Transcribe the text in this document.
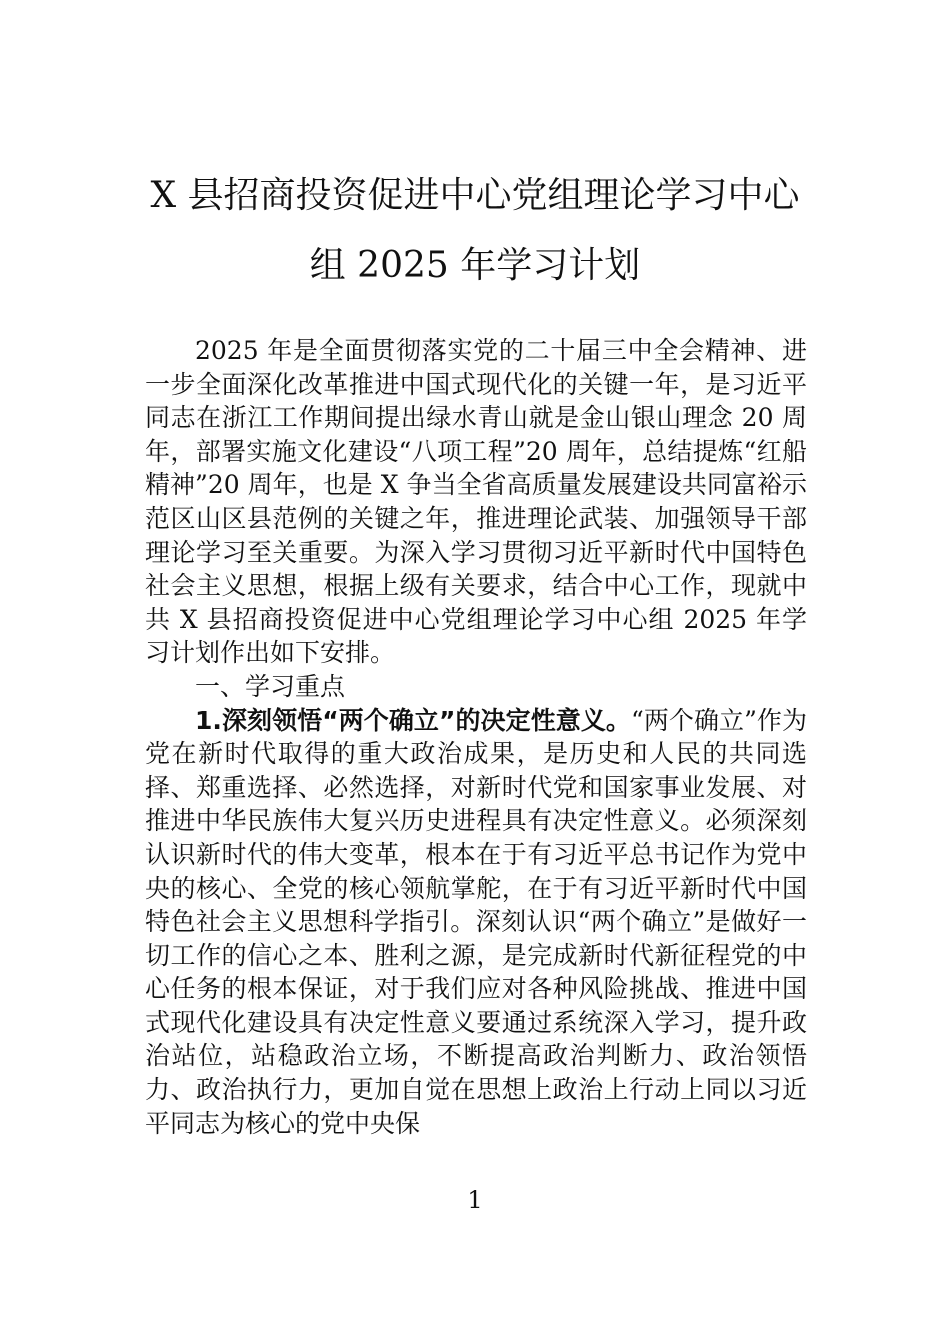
X 县招商投资促进中心党组理论学习中心
组 2025 年学习计划

2025 年是全面贯彻落实党的二十届三中全会精神、进一步全面深化改革推进中国式现代化的关键一年，是习近平同志在浙江工作期间提出绿水青山就是金山银山理念 20 周年，部署实施文化建设“八项工程”20 周年，总结提炼“红船精神”20 周年，也是 X 争当全省高质量发展建设共同富裕示范区山区县范例的关键之年，推进理论武装、加强领导干部理论学习至关重要。为深入学习贯彻习近平新时代中国特色社会主义思想，根据上级有关要求，结合中心工作，现就中共 X 县招商投资促进中心党组理论学习中心组 2025 年学习计划作出如下安排。

一、学习重点

1.深刻领悟“两个确立”的决定性意义。“两个确立”作为党在新时代取得的重大政治成果，是历史和人民的共同选择、郑重选择、必然选择，对新时代党和国家事业发展、对推进中华民族伟大复兴历史进程具有决定性意义。必须深刻认识新时代的伟大变革，根本在于有习近平总书记作为党中央的核心、全党的核心领航掌舵，在于有习近平新时代中国特色社会主义思想科学指引。深刻认识“两个确立”是做好一切工作的信心之本、胜利之源，是完成新时代新征程党的中心任务的根本保证，对于我们应对各种风险挑战、推进中国式现代化建设具有决定性意义要通过系统深入学习，提升政治站位，站稳政治立场，不断提高政治判断力、政治领悟力、政治执行力，更加自觉在思想上政治上行动上同以习近平同志为核心的党中央保

1
